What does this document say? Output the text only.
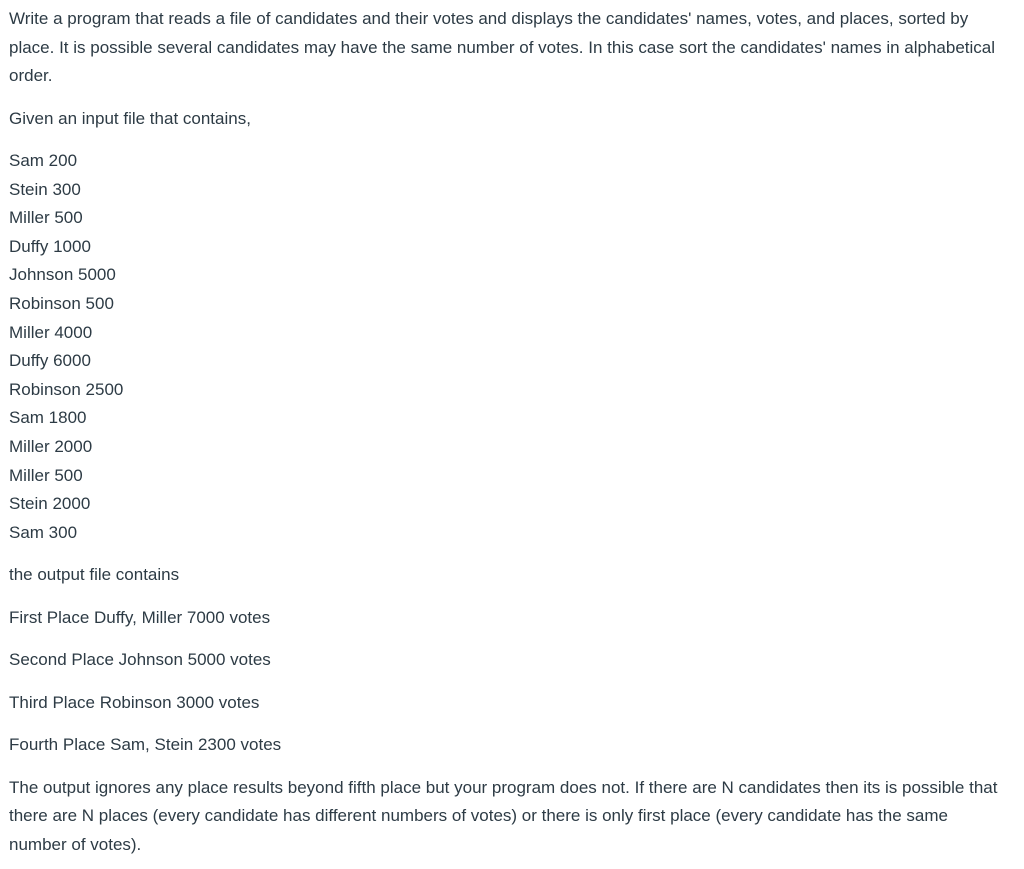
Write a program that reads a file of candidates and their votes and displays the candidates' names, votes, and places, sorted by place. It is possible several candidates may have the same number of votes. In this case sort the candidates' names in alphabetical order.

Given an input file that contains,

Sam 200

Stein 300

Miller 500

Duffy 1000

Johnson 5000

Robinson 500

Miller 4000

Duffy 6000

Robinson 2500

Sam 1800

Miller 2000

Miller 500

Stein 2000

Sam 300

the output file contains

First Place Duffy, Miller 7000 votes

Second Place Johnson 5000 votes

Third Place Robinson 3000 votes

Fourth Place Sam, Stein 2300 votes

The output ignores any place results beyond fifth place but your program does not. If there are N candidates then its is possible that there are N places (every candidate has different numbers of votes) or there is only first place (every candidate has the same number of votes).
